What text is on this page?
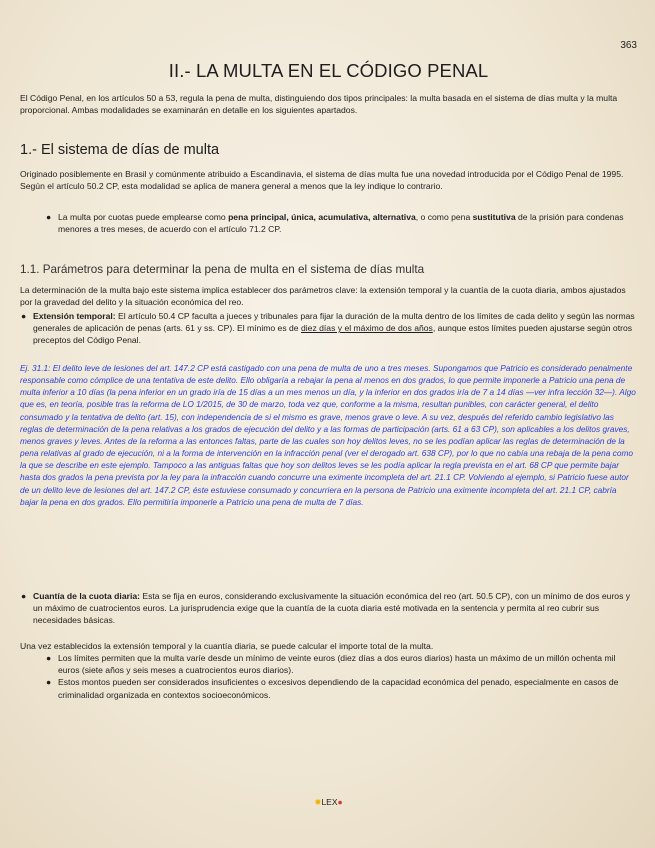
363
II.- LA MULTA EN EL CÓDIGO PENAL

El Código Penal, en los artículos 50 a 53, regula la pena de multa, distinguiendo dos tipos principales: la multa basada en el sistema de días multa y la multa proporcional. Ambas modalidades se examinarán en detalle en los siguientes apartados.

1.- El sistema de días de multa

Originado posiblemente en Brasil y comúnmente atribuido a Escandinavia, el sistema de días multa fue una novedad introducida por el Código Penal de 1995. Según el artículo 50.2 CP, esta modalidad se aplica de manera general a menos que la ley indique lo contrario.

● La multa por cuotas puede emplearse como pena principal, única, acumulativa, alternativa, o como pena sustitutiva de la prisión para condenas menores a tres meses, de acuerdo con el artículo 71.2 CP.
1.1. Parámetros para determinar la pena de multa en el sistema de días multa

La determinación de la multa bajo este sistema implica establecer dos parámetros clave: la extensión temporal y la cuantía de la cuota diaria, ambos ajustados por la gravedad del delito y la situación económica del reo.

● Extensión temporal: El artículo 50.4 CP faculta a jueces y tribunales para fijar la duración de la multa dentro de los límites de cada delito y según las normas generales de aplicación de penas (arts. 61 y ss. CP). El mínimo es de diez días y el máximo de dos años, aunque estos límites pueden ajustarse según otros preceptos del Código Penal.

Ej. 31.1: El delito leve de lesiones del art. 147.2 CP está castigado con una pena de multa de uno a tres meses. Supongamos que Patricio es considerado penalmente responsable como cómplice de una tentativa de este delito. Ello obligaría a rebajar la pena al menos en dos grados, lo que permite imponerle a Patricio una pena de multa inferior a 10 días (la pena inferior en un grado iría de 15 días a un mes menos un día, y la inferior en dos grados iría de 7 a 14 días —ver infra lección 32—). Algo que es, en teoría, posible tras la reforma de LO 1/2015, de 30 de marzo, toda vez que, conforme a la misma, resultan punibles, con carácter general, el delito consumado y la tentativa de delito (art. 15), con independencia de si el mismo es grave, menos grave o leve. A su vez, después del referido cambio legislativo las reglas de determinación de la pena relativas a los grados de ejecución del delito y a las formas de participación (arts. 61 a 63 CP), son aplicables a los delitos graves, menos graves y leves. Antes de la reforma a las entonces faltas, parte de las cuales son hoy delitos leves, no se les podían aplicar las reglas de determinación de la pena relativas al grado de ejecución, ni a la forma de intervención en la infracción penal (ver el derogado art. 638 CP), por lo que no cabía una rebaja de la pena como la que se describe en este ejemplo. Tampoco a las antiguas faltas que hoy son delitos leves se les podía aplicar la regla prevista en el art. 68 CP que permite bajar hasta dos grados la pena prevista por la ley para la infracción cuando concurre una eximente incompleta del art. 21.1 CP. Volviendo al ejemplo, si Patricio fuese autor de un delito leve de lesiones del art. 147.2 CP, éste estuviese consumado y concurriera en la persona de Patricio una eximente incompleta del art. 21.1 CP, cabría bajar la pena en dos grados. Ello permitiría imponerle a Patricio una pena de multa de 7 días.

● Cuantía de la cuota diaria: Esta se fija en euros, considerando exclusivamente la situación económica del reo (art. 50.5 CP), con un mínimo de dos euros y un máximo de cuatrocientos euros. La jurisprudencia exige que la cuantía de la cuota diaria esté motivada en la sentencia y permita al reo cubrir sus necesidades básicas.

Una vez establecidos la extensión temporal y la cuantía diaria, se puede calcular el importe total de la multa.

● Los límites permiten que la multa varíe desde un mínimo de veinte euros (diez días a dos euros diarios) hasta un máximo de un millón ochenta mil euros (siete años y seis meses a cuatrocientos euros diarios).
● Estos montos pueden ser considerados insuficientes o excesivos dependiendo de la capacidad económica del penado, especialmente en casos de criminalidad organizada en contextos socioeconómicos.
✹LEX●
